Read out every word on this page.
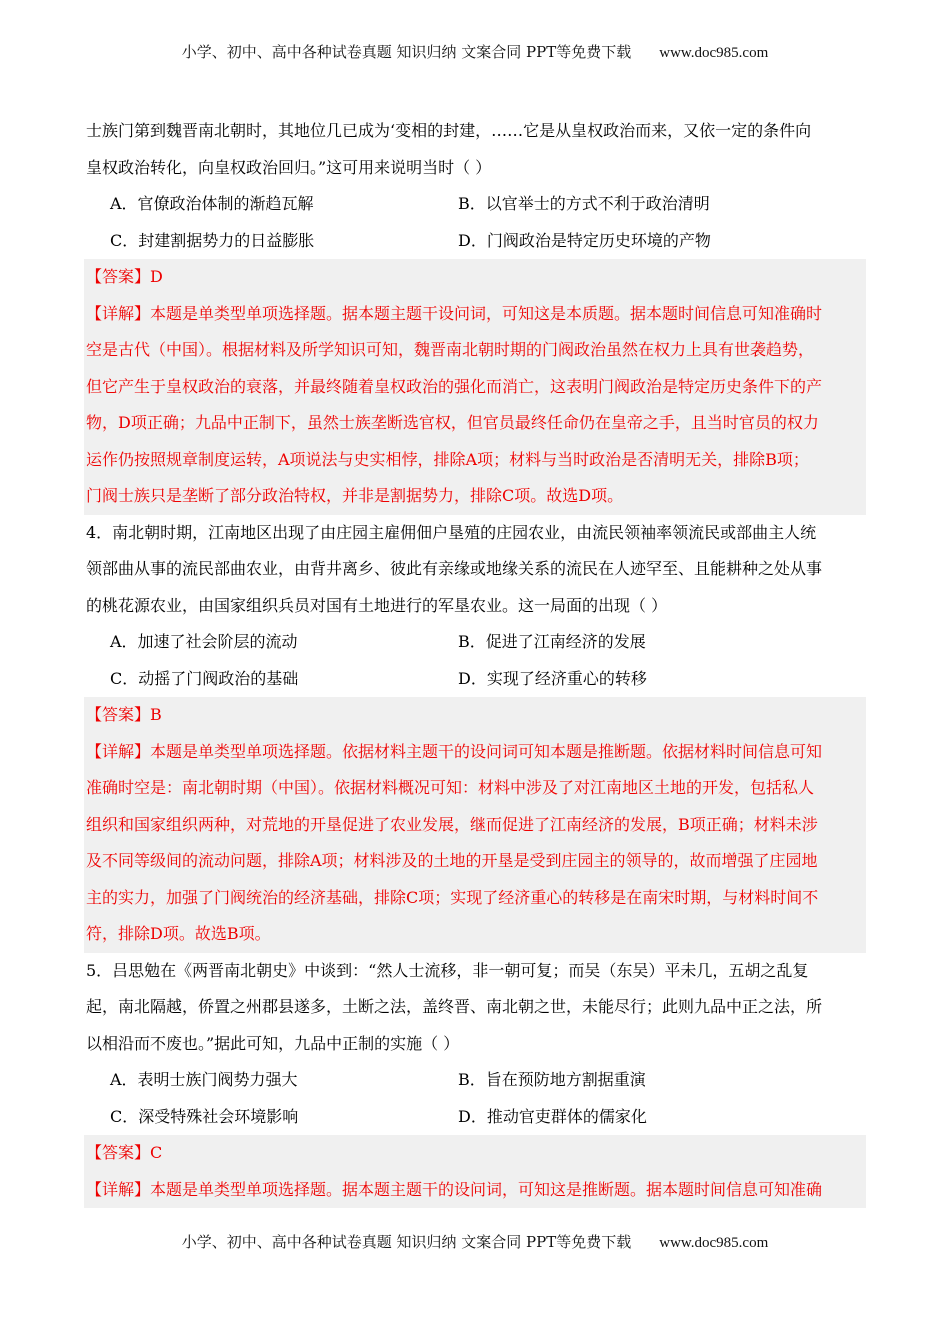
小学、初中、高中各种试卷真题 知识归纳 文案合同 PPT等免费下载 www.doc985.com
士族门第到魏晋南北朝时，其地位几已成为‘变相的封建，……它是从皇权政治而来，又依一定的条件向
皇权政治转化，向皇权政治回归。”这可用来说明当时（ ）
A．官僚政治体制的渐趋瓦解	B．以官举士的方式不利于政治清明
C．封建割据势力的日益膨胀	D．门阀政治是特定历史环境的产物
【答案】D
【详解】本题是单类型单项选择题。据本题主题干设问词，可知这是本质题。据本题时间信息可知准确时
空是古代（中国）。根据材料及所学知识可知，魏晋南北朝时期的门阀政治虽然在权力上具有世袭趋势，
但它产生于皇权政治的衰落，并最终随着皇权政治的强化而消亡，这表明门阀政治是特定历史条件下的产
物，D项正确；九品中正制下，虽然士族垄断选官权，但官员最终任命仍在皇帝之手，且当时官员的权力
运作仍按照规章制度运转，A项说法与史实相悖，排除A项；材料与当时政治是否清明无关，排除B项；
门阀士族只是垄断了部分政治特权，并非是割据势力，排除C项。故选D项。
4．南北朝时期，江南地区出现了由庄园主雇佣佃户垦殖的庄园农业，由流民领袖率领流民或部曲主人统
领部曲从事的流民部曲农业，由背井离乡、彼此有亲缘或地缘关系的流民在人迹罕至、且能耕种之处从事
的桃花源农业，由国家组织兵员对国有土地进行的军垦农业。这一局面的出现（ ）
A．加速了社会阶层的流动	B．促进了江南经济的发展
C．动摇了门阀政治的基础	D．实现了经济重心的转移
【答案】B
【详解】本题是单类型单项选择题。依据材料主题干的设问词可知本题是推断题。依据材料时间信息可知
准确时空是：南北朝时期（中国）。依据材料概况可知：材料中涉及了对江南地区土地的开发，包括私人
组织和国家组织两种，对荒地的开垦促进了农业发展，继而促进了江南经济的发展，B项正确；材料未涉
及不同等级间的流动问题，排除A项；材料涉及的土地的开垦是受到庄园主的领导的，故而增强了庄园地
主的实力，加强了门阀统治的经济基础，排除C项；实现了经济重心的转移是在南宋时期，与材料时间不
符，排除D项。故选B项。
5．吕思勉在《两晋南北朝史》中谈到：“然人士流移，非一朝可复；而吴（东吴）平未几，五胡之乱复
起，南北隔越，侨置之州郡县遂多，土断之法，盖终晋、南北朝之世，未能尽行；此则九品中正之法，所
以相沿而不废也。”据此可知，九品中正制的实施（ ）
A．表明士族门阀势力强大	B．旨在预防地方割据重演
C．深受特殊社会环境影响	D．推动官吏群体的儒家化
【答案】C
【详解】本题是单类型单项选择题。据本题主题干的设问词，可知这是推断题。据本题时间信息可知准确
小学、初中、高中各种试卷真题 知识归纳 文案合同 PPT等免费下载 www.doc985.com
